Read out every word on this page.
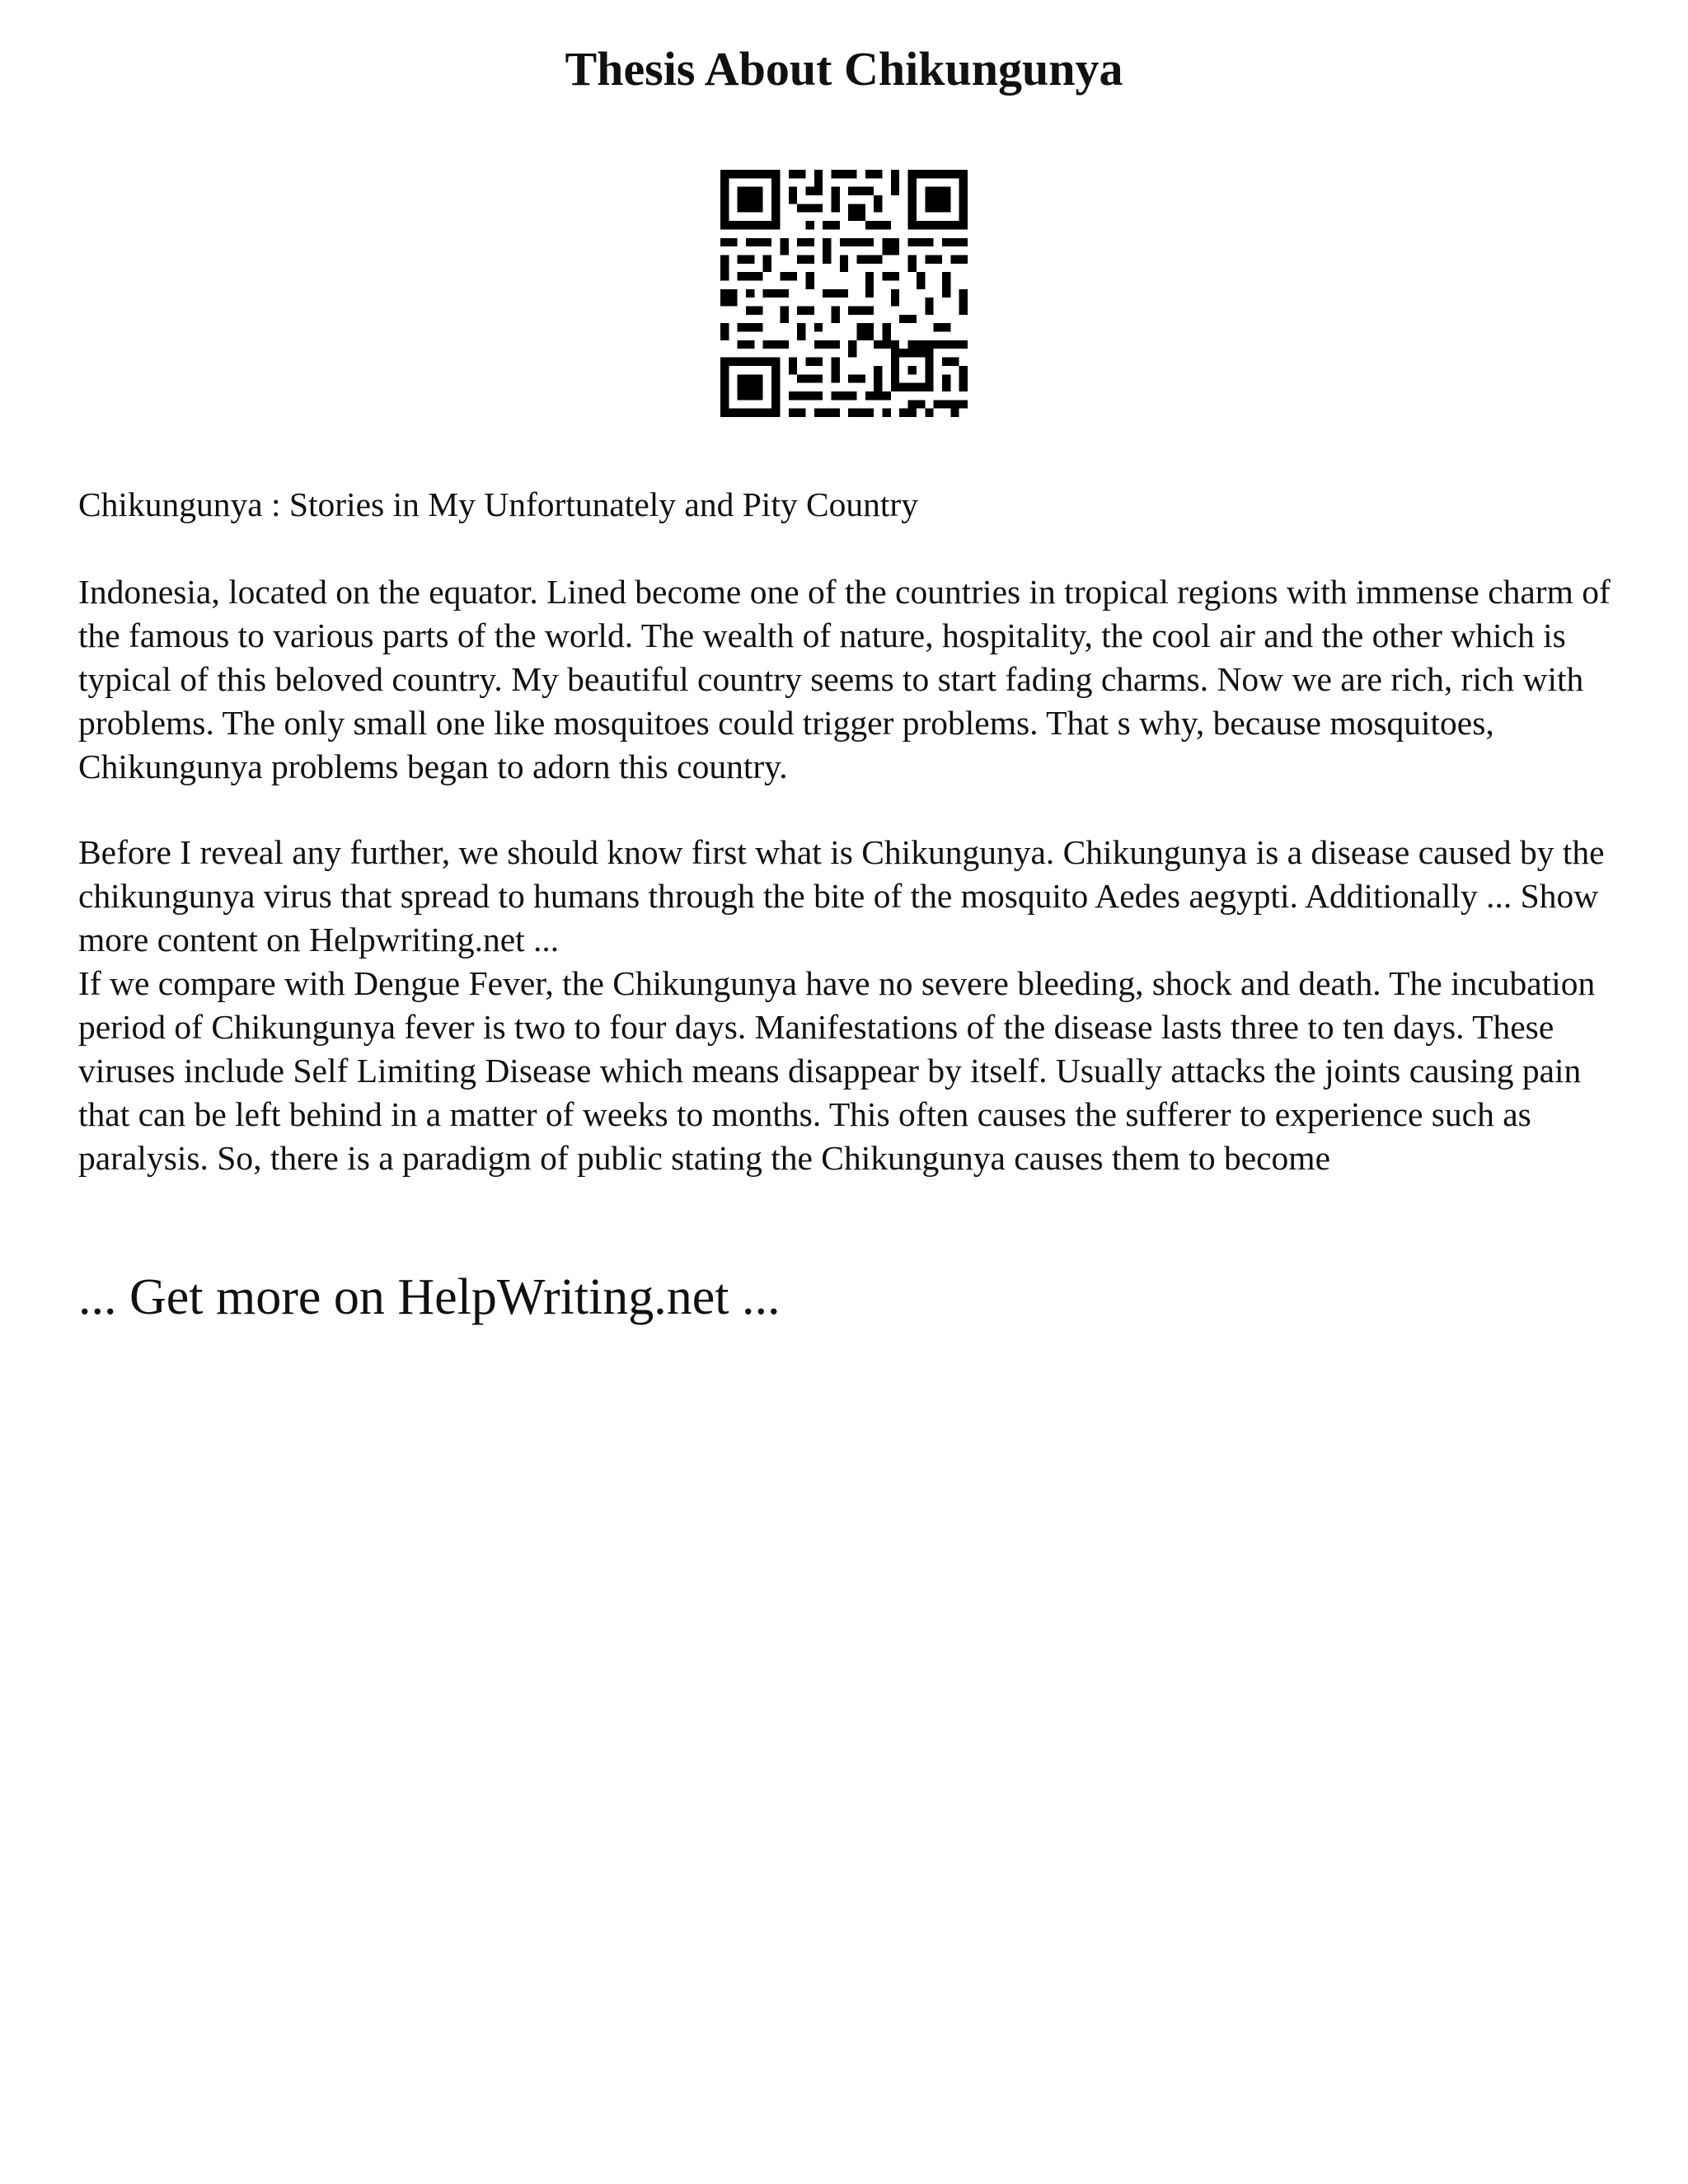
Thesis About Chikungunya

Chikungunya : Stories in My Unfortunately and Pity Country

Indonesia, located on the equator. Lined become one of the countries in tropical regions with immense charm of the famous to various parts of the world. The wealth of nature, hospitality, the cool air and the other which is typical of this beloved country. My beautiful country seems to start fading charms. Now we are rich, rich with problems. The only small one like mosquitoes could trigger problems. That s why, because mosquitoes, Chikungunya problems began to adorn this country.

Before I reveal any further, we should know first what is Chikungunya. Chikungunya is a disease caused by the chikungunya virus that spread to humans through the bite of the mosquito Aedes aegypti. Additionally ... Show more content on Helpwriting.net ...

If we compare with Dengue Fever, the Chikungunya have no severe bleeding, shock and death. The incubation period of Chikungunya fever is two to four days. Manifestations of the disease lasts three to ten days. These viruses include Self Limiting Disease which means disappear by itself. Usually attacks the joints causing pain that can be left behind in a matter of weeks to months. This often causes the sufferer to experience such as paralysis. So, there is a paradigm of public stating the Chikungunya causes them to become

... Get more on HelpWriting.net ...
